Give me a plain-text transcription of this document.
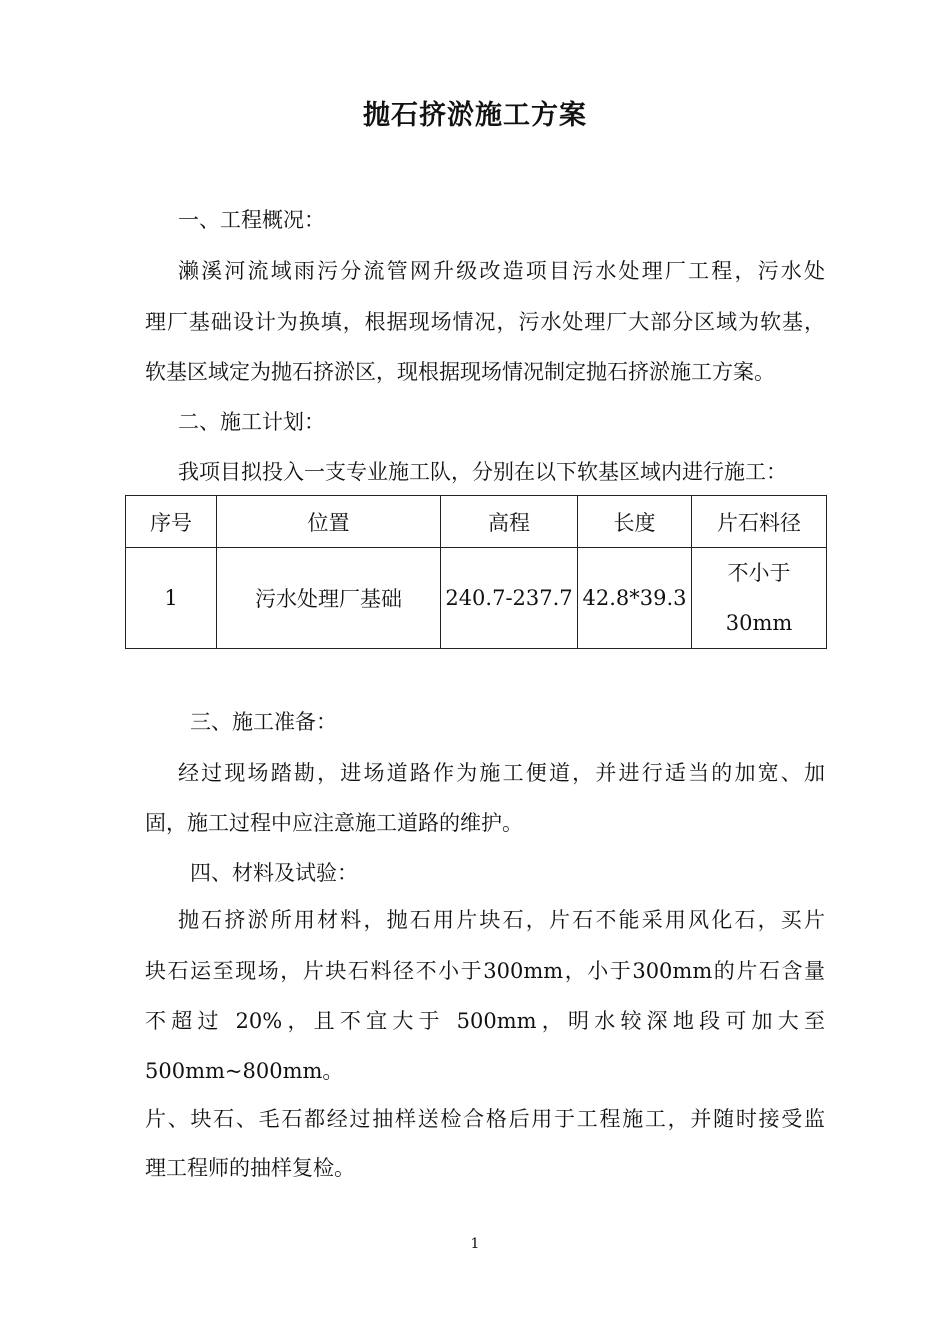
抛石挤淤施工方案
一、工程概况：
濑溪河流域雨污分流管网升级改造项目污水处理厂工程，污水处
理厂基础设计为换填，根据现场情况，污水处理厂大部分区域为软基，
软基区域定为抛石挤淤区，现根据现场情况制定抛石挤淤施工方案。
二、施工计划：
我项目拟投入一支专业施工队，分别在以下软基区域内进行施工：
序号	位置	高程	长度	片石料径
1	污水处理厂基础	240.7-237.7	42.8*39.3	不小于
30mm
三、施工准备：
经过现场踏勘，进场道路作为施工便道，并进行适当的加宽、加
固，施工过程中应注意施工道路的维护。
四、材料及试验：
抛石挤淤所用材料，抛石用片块石，片石不能采用风化石，买片
块石运至现场，片块石料径不小于300mm，小于300mm的片石含量
不超过 20%，且不宜大于 500mm，明水较深地段可加大至
500mm~800mm。
片、块石、毛石都经过抽样送检合格后用于工程施工，并随时接受监
理工程师的抽样复检。
1
